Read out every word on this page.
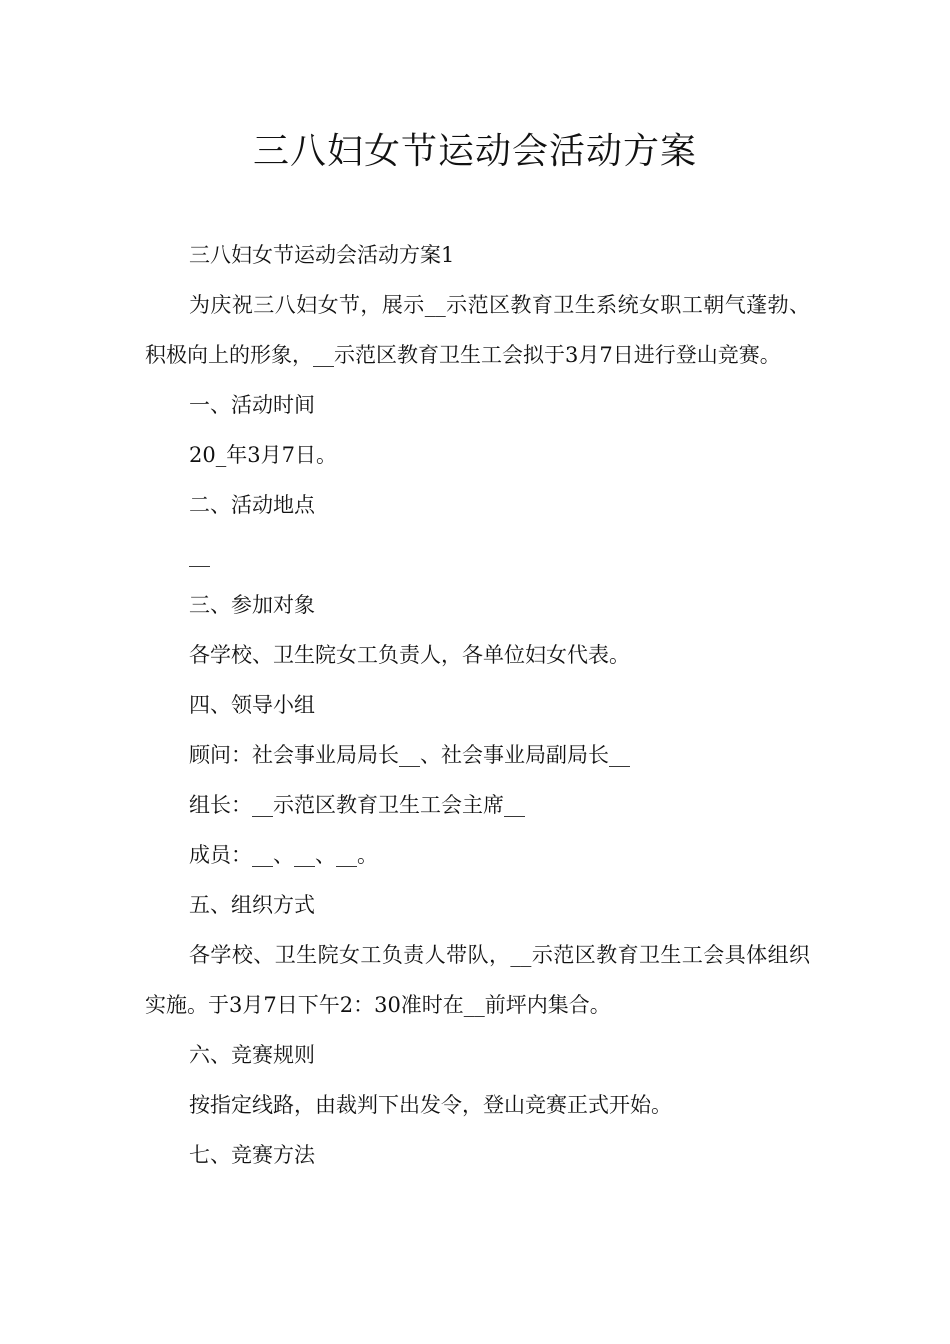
三八妇女节运动会活动方案

三八妇女节运动会活动方案1

为庆祝三八妇女节，展示__示范区教育卫生系统女职工朝气蓬勃、积极向上的形象，__示范区教育卫生工会拟于3月7日进行登山竞赛。

一、活动时间

20_年3月7日。

二、活动地点

__

三、参加对象

各学校、卫生院女工负责人，各单位妇女代表。

四、领导小组

顾问：社会事业局局长__、社会事业局副局长__

组长：__示范区教育卫生工会主席__

成员：__、__、__。

五、组织方式

各学校、卫生院女工负责人带队，__示范区教育卫生工会具体组织实施。于3月7日下午2：30准时在__前坪内集合。

六、竞赛规则

按指定线路，由裁判下出发令，登山竞赛正式开始。

七、竞赛方法
